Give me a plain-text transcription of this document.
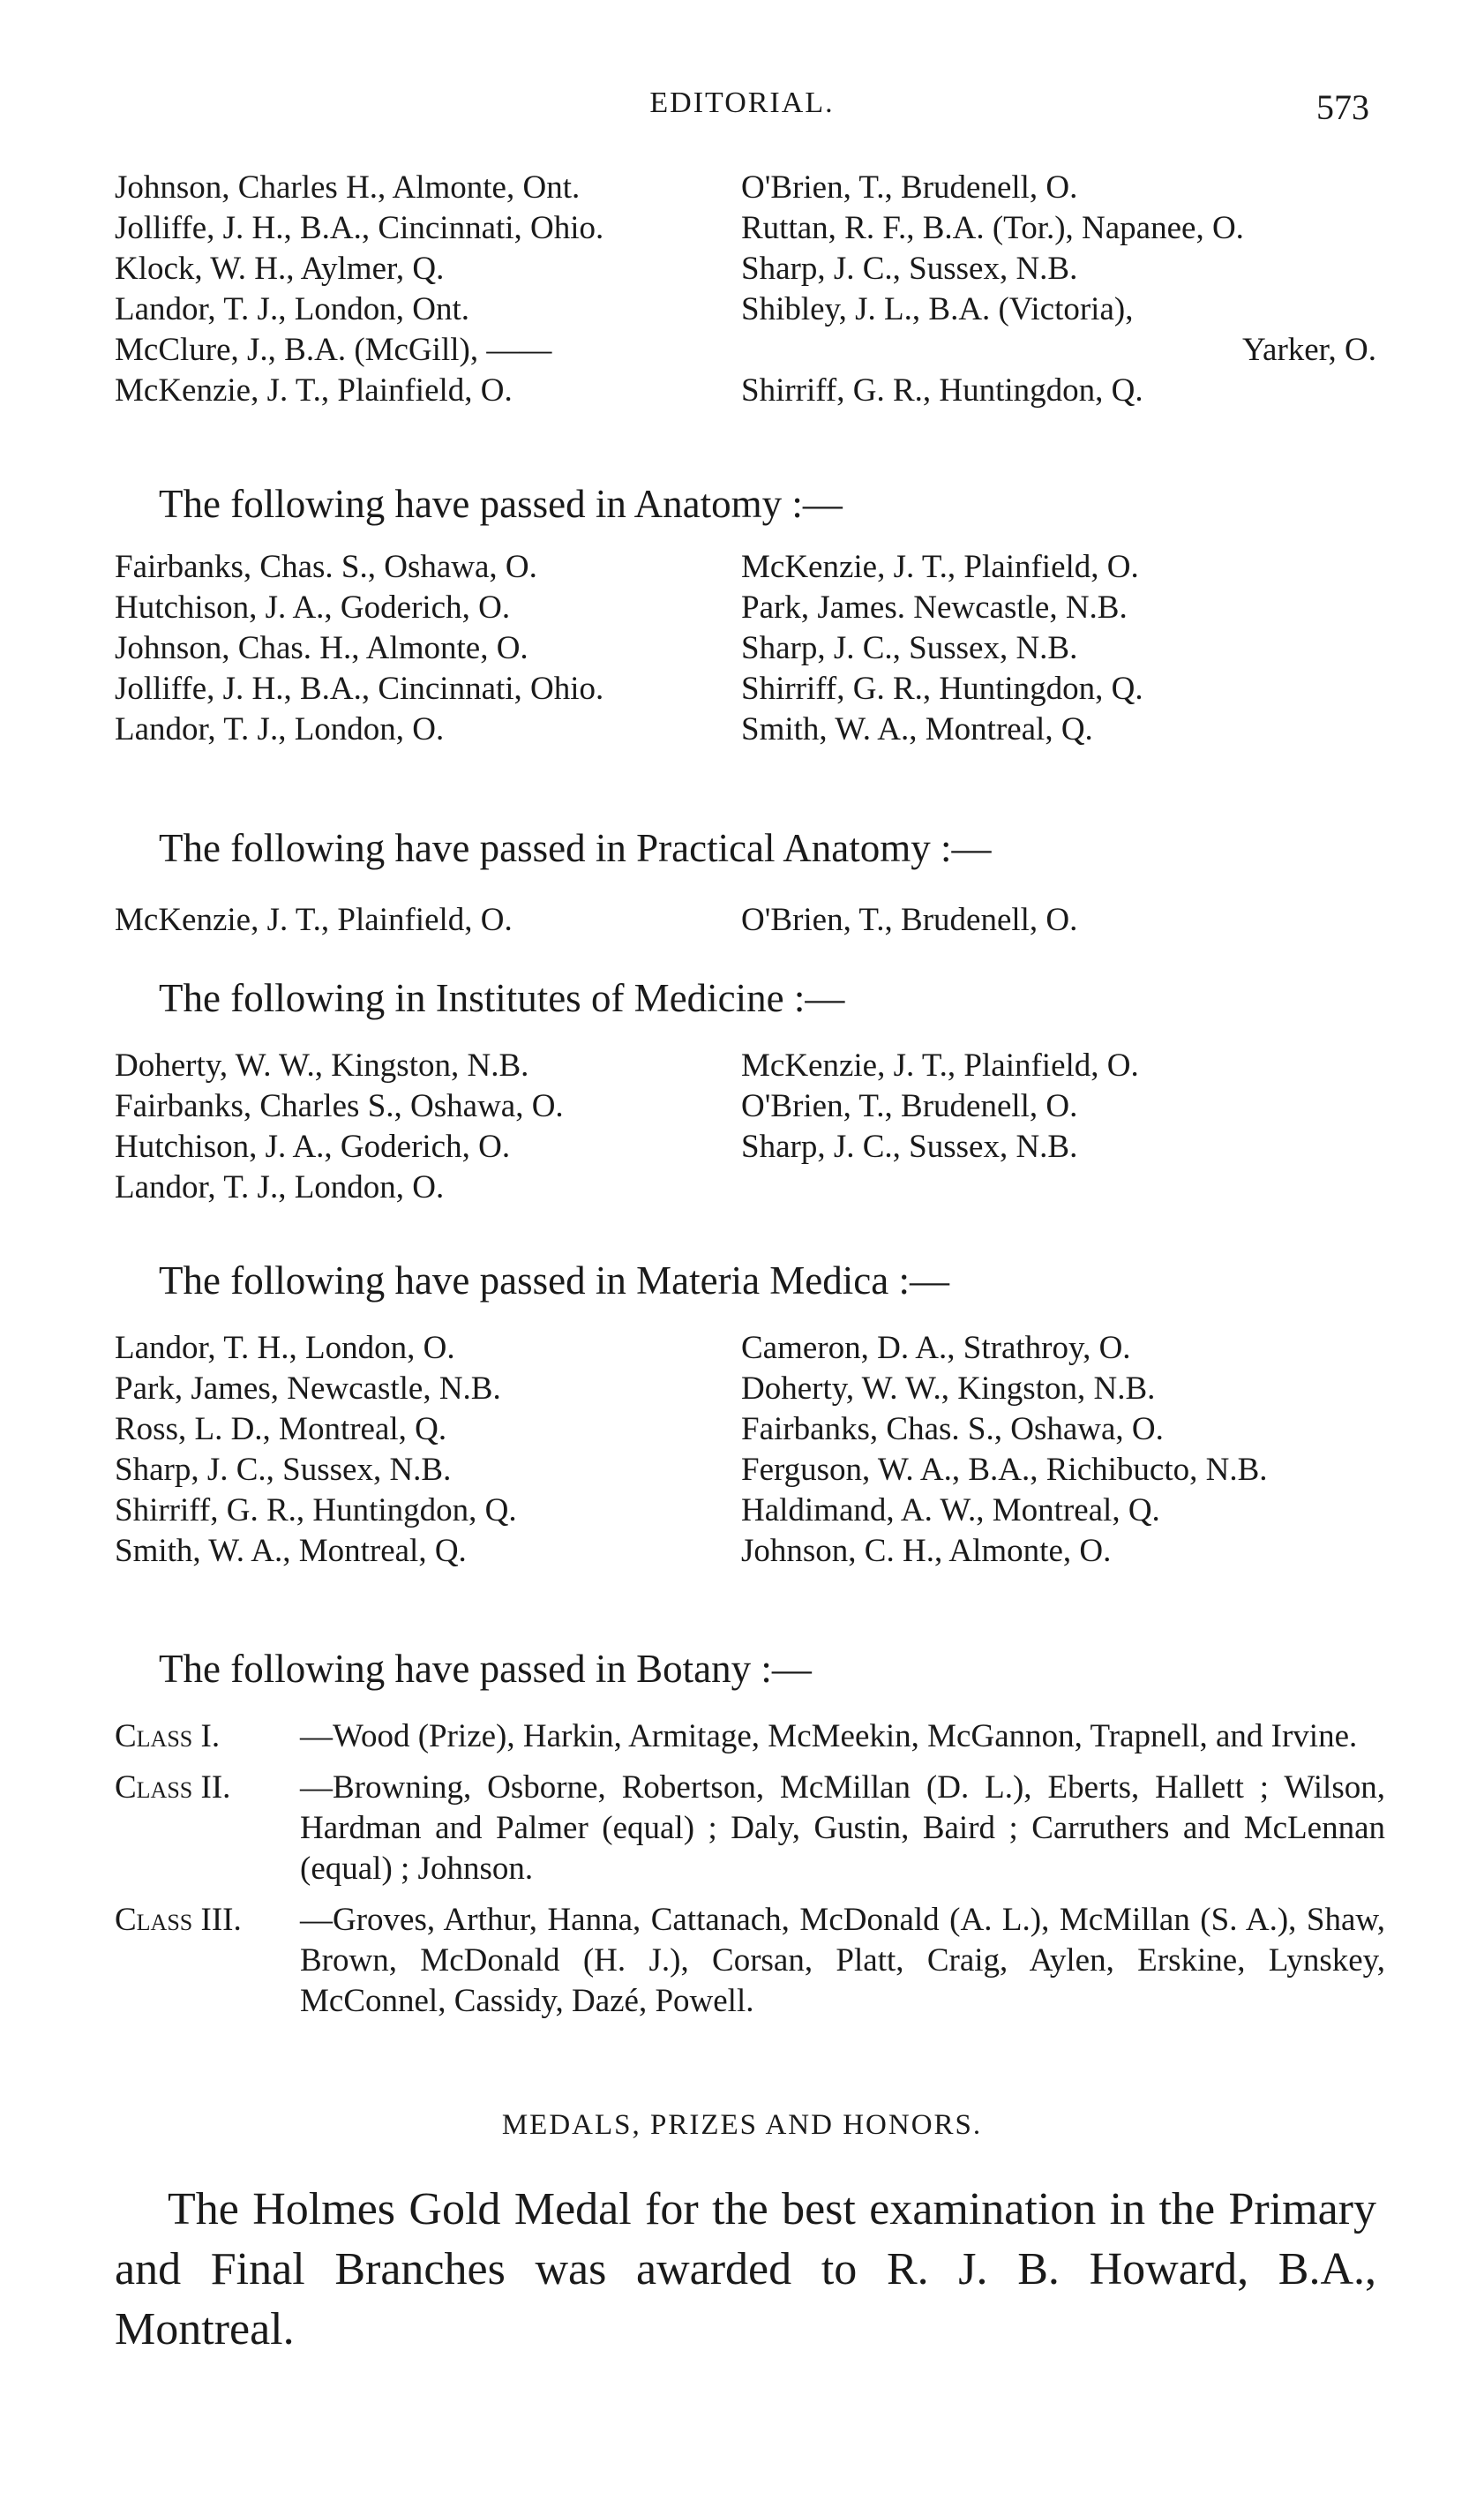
EDITORIAL.	573
Johnson, Charles H., Almonte, Ont.
Jolliffe, J. H., B.A., Cincinnati, Ohio.
Klock, W. H., Aylmer, Q.
Landor, T. J., London, Ont.
McClure, J., B.A. (McGill), ——
McKenzie, J. T., Plainfield, O.
O'Brien, T., Brudenell, O.
Ruttan, R. F., B.A. (Tor.), Napanee, O.
Sharp, J. C., Sussex, N.B.
Shibley, J. L., B.A. (Victoria),
Yarker, O.
Shirriff, G. R., Huntingdon, Q.
The following have passed in Anatomy :—
Fairbanks, Chas. S., Oshawa, O.
Hutchison, J. A., Goderich, O.
Johnson, Chas. H., Almonte, O.
Jolliffe, J. H., B.A., Cincinnati, Ohio.
Landor, T. J., London, O.
McKenzie, J. T., Plainfield, O.
Park, James. Newcastle, N.B.
Sharp, J. C., Sussex, N.B.
Shirriff, G. R., Huntingdon, Q.
Smith, W. A., Montreal, Q.
The following have passed in Practical Anatomy :—
McKenzie, J. T., Plainfield, O.	O'Brien, T., Brudenell, O.
The following in Institutes of Medicine :—
Doherty, W. W., Kingston, N.B.
Fairbanks, Charles S., Oshawa, O.
Hutchison, J. A., Goderich, O.
Landor, T. J., London, O.
McKenzie, J. T., Plainfield, O.
O'Brien, T., Brudenell, O.
Sharp, J. C., Sussex, N.B.
The following have passed in Materia Medica :—
Landor, T. H., London, O.
Park, James, Newcastle, N.B.
Ross, L. D., Montreal, Q.
Sharp, J. C., Sussex, N.B.
Shirriff, G. R., Huntingdon, Q.
Smith, W. A., Montreal, Q.
Cameron, D. A., Strathroy, O.
Doherty, W. W., Kingston, N.B.
Fairbanks, Chas. S., Oshawa, O.
Ferguson, W. A., B.A., Richibucto, N.B.
Haldimand, A. W., Montreal, Q.
Johnson, C. H., Almonte, O.
The following have passed in Botany :—
Class I. —Wood (Prize), Harkin, Armitage, McMeekin, McGannon, Trapnell, and Irvine.
Class II. —Browning, Osborne, Robertson, McMillan (D. L.), Eberts, Hallett ; Wilson, Hardman and Palmer (equal) ; Daly, Gustin, Baird ; Carruthers and McLennan (equal) ; Johnson.
Class III. —Groves, Arthur, Hanna, Cattanach, McDonald (A. L.), McMillan (S. A.), Shaw, Brown, McDonald (H. J.), Corsan, Platt, Craig, Aylen, Erskine, Lynskey, McConnel, Cassidy, Dazé, Powell.
MEDALS, PRIZES AND HONORS.
The Holmes Gold Medal for the best examination in the Primary and Final Branches was awarded to R. J. B. Howard, B.A., Montreal.
